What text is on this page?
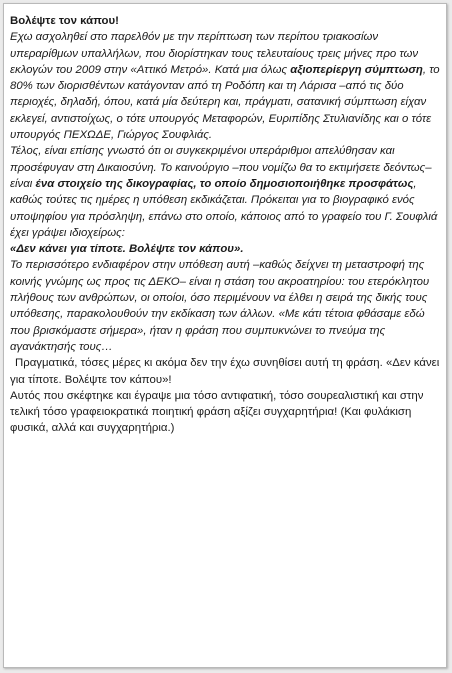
Βολέψτε τον κάπου!

Εχω ασχοληθεί στο παρελθόν με την περίπτωση των περίπου τριακοσίων υπεραρίθμων υπαλλήλων, που διορίστηκαν τους τελευταίους τρεις μήνες προ των εκλογών του 2009 στην «Αττικό Μετρό». Κατά μια όλως αξιοπερίεργη σύμπτωση, το 80% των διορισθέντων κατάγονταν από τη Ροδόπη και τη Λάρισα –από τις δύο περιοχές, δηλαδή, όπου, κατά μία δεύτερη και, πράγματι, σατανική σύμπτωση είχαν εκλεγεί, αντιστοίχως, ο τότε υπουργός Μεταφορών, Ευριπίδης Στυλιανίδης και ο τότε υπουργός ΠΕΧΩΔΕ, Γιώργος Σουφλιάς.

Τέλος, είναι επίσης γνωστό ότι οι συγκεκριμένοι υπεράριθμοι απελύθησαν και προσέφυγαν στη Δικαιοσύνη. Το καινούργιο –που νομίζω θα το εκτιμήσετε δεόντως– είναι ένα στοιχείο της δικογραφίας, το οποίο δημοσιοποιήθηκε προσφάτως, καθώς τούτες τις ημέρες η υπόθεση εκδικάζεται. Πρόκειται για το βιογραφικό ενός υποψηφίου για πρόσληψη, επάνω στο οποίο, κάποιος από το γραφείο του Γ. Σουφλιά έχει γράψει ιδιοχείρως:

«Δεν κάνει για τίποτε. Βολέψτε τον κάπου».

Το περισσότερο ενδιαφέρον στην υπόθεση αυτή –καθώς δείχνει τη μεταστροφή της κοινής γνώμης ως προς τις ΔΕΚΟ– είναι η στάση του ακροατηρίου: του ετερόκλητου πλήθους των ανθρώπων, οι οποίοι, όσο περιμένουν να έλθει η σειρά της δικής τους υπόθεσης, παρακολουθούν την εκδίκαση των άλλων. «Με κάτι τέτοια φθάσαμε εδώ που βρισκόμαστε σήμερα», ήταν η φράση που συμπυκνώνει το πνεύμα της αγανάκτησής τους…

Πραγματικά, τόσες μέρες κι ακόμα δεν την έχω συνηθίσει αυτή τη φράση. «Δεν κάνει για τίποτε. Βολέψτε τον κάπου»!

Αυτός που σκέφτηκε και έγραψε μια τόσο αντιφατική, τόσο σουρεαλιστική και στην τελική τόσο γραφειοκρατικά ποιητική φράση αξίζει συγχαρητήρια! (Και φυλάκιση φυσικά, αλλά και συγχαρητήρια.)
